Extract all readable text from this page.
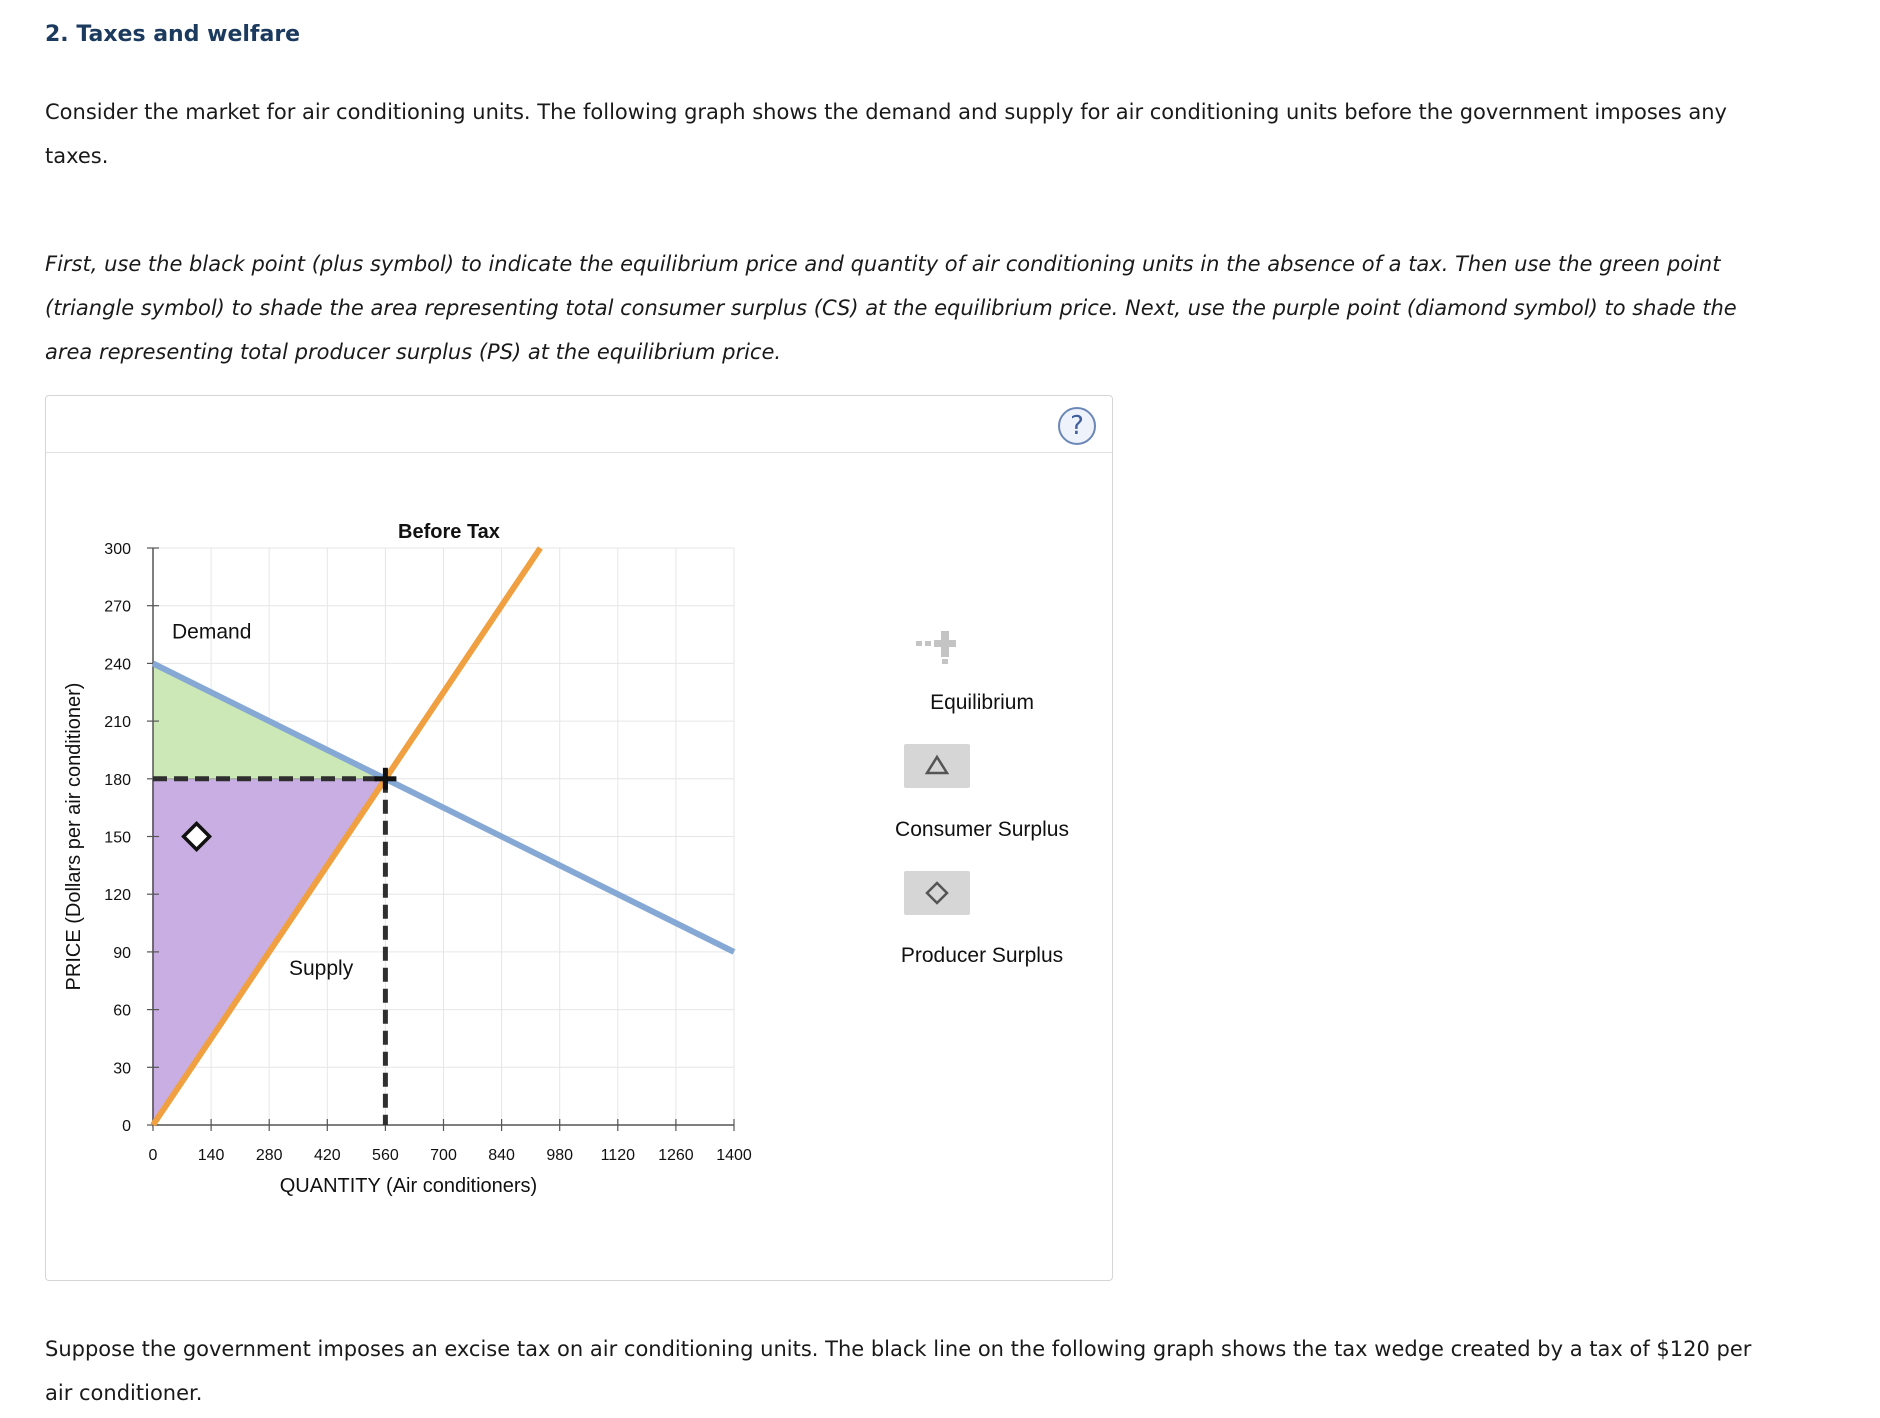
2. Taxes and welfare

Consider the market for air conditioning units. The following graph shows the demand and supply for air conditioning units before the government imposes any taxes.

First, use the black point (plus symbol) to indicate the equilibrium price and quantity of air conditioning units in the absence of a tax. Then use the green point (triangle symbol) to shade the area representing total consumer surplus (CS) at the equilibrium price. Next, use the purple point (diamond symbol) to shade the area representing total producer surplus (PS) at the equilibrium price.

?
0
30
60
90
120
150
180
210
240
270
300
0	140 280 420 560 700 840 980 1120 1260 1400
Before Tax
QUANTITY (Air conditioners)
PRICE (Dollars per air conditioner)
Demand
Supply
Equilibrium
Consumer Surplus
Producer Surplus

Suppose the government imposes an excise tax on air conditioning units. The black line on the following graph shows the tax wedge created by a tax of $120 per air conditioner.
